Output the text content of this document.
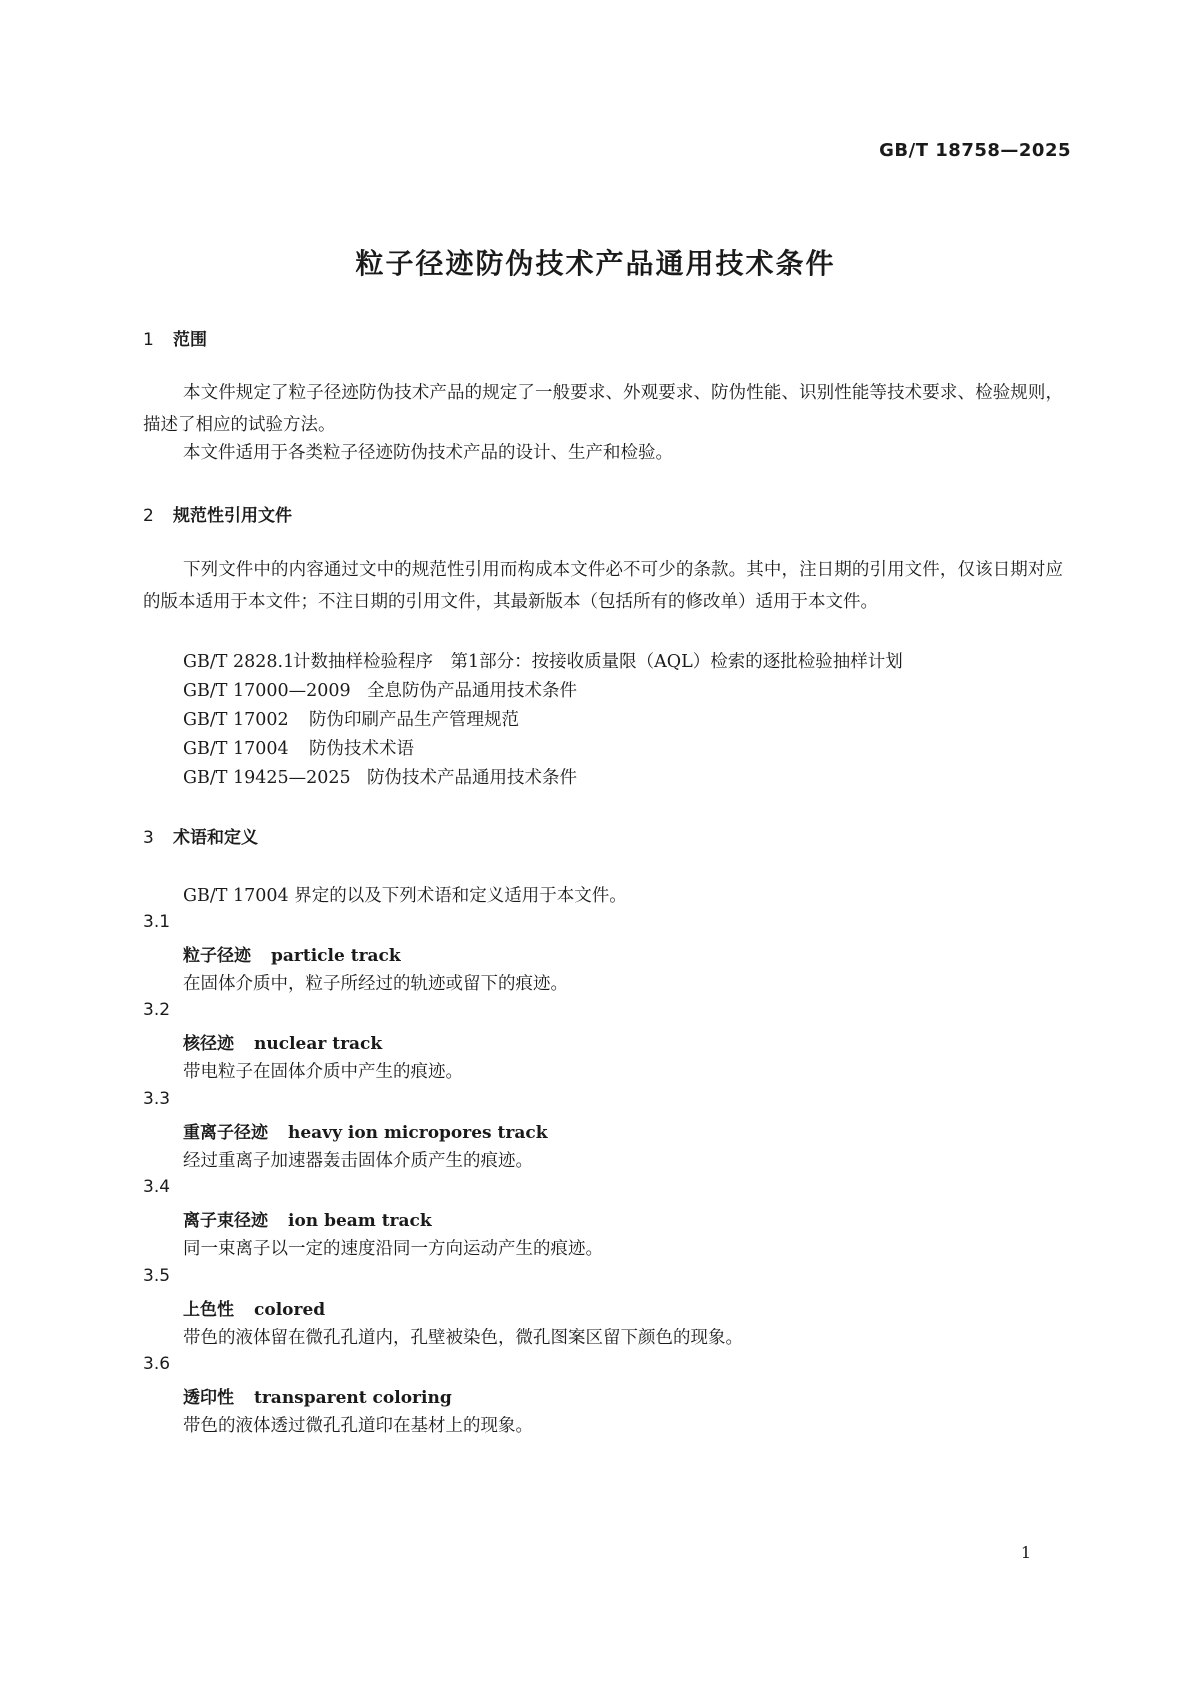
GB/T 18758—2025
粒子径迹防伪技术产品通用技术条件
1 范围
本文件规定了粒子径迹防伪技术产品的规定了一般要求、外观要求、防伪性能、识别性能等技术要求、检验规则，描述了相应的试验方法。
本文件适用于各类粒子径迹防伪技术产品的设计、生产和检验。
2 规范性引用文件
下列文件中的内容通过文中的规范性引用而构成本文件必不可少的条款。其中，注日期的引用文件，仅该日期对应的版本适用于本文件；不注日期的引用文件，其最新版本（包括所有的修改单）适用于本文件。
GB/T 2828.1计数抽样检验程序　第1部分：按接收质量限（AQL）检索的逐批检验抽样计划
GB/T 17000—2009 全息防伪产品通用技术条件
GB/T 17002 防伪印刷产品生产管理规范
GB/T 17004 防伪技术术语
GB/T 19425—2025 防伪技术产品通用技术条件
3 术语和定义
GB/T 17004 界定的以及下列术语和定义适用于本文件。
3.1
粒子径迹 particle track
在固体介质中，粒子所经过的轨迹或留下的痕迹。
3.2
核径迹 nuclear track
带电粒子在固体介质中产生的痕迹。
3.3
重离子径迹 heavy ion micropores track
经过重离子加速器轰击固体介质产生的痕迹。
3.4
离子束径迹 ion beam track
同一束离子以一定的速度沿同一方向运动产生的痕迹。
3.5
上色性 colored
带色的液体留在微孔孔道内，孔壁被染色，微孔图案区留下颜色的现象。
3.6
透印性 transparent coloring
带色的液体透过微孔孔道印在基材上的现象。
1
